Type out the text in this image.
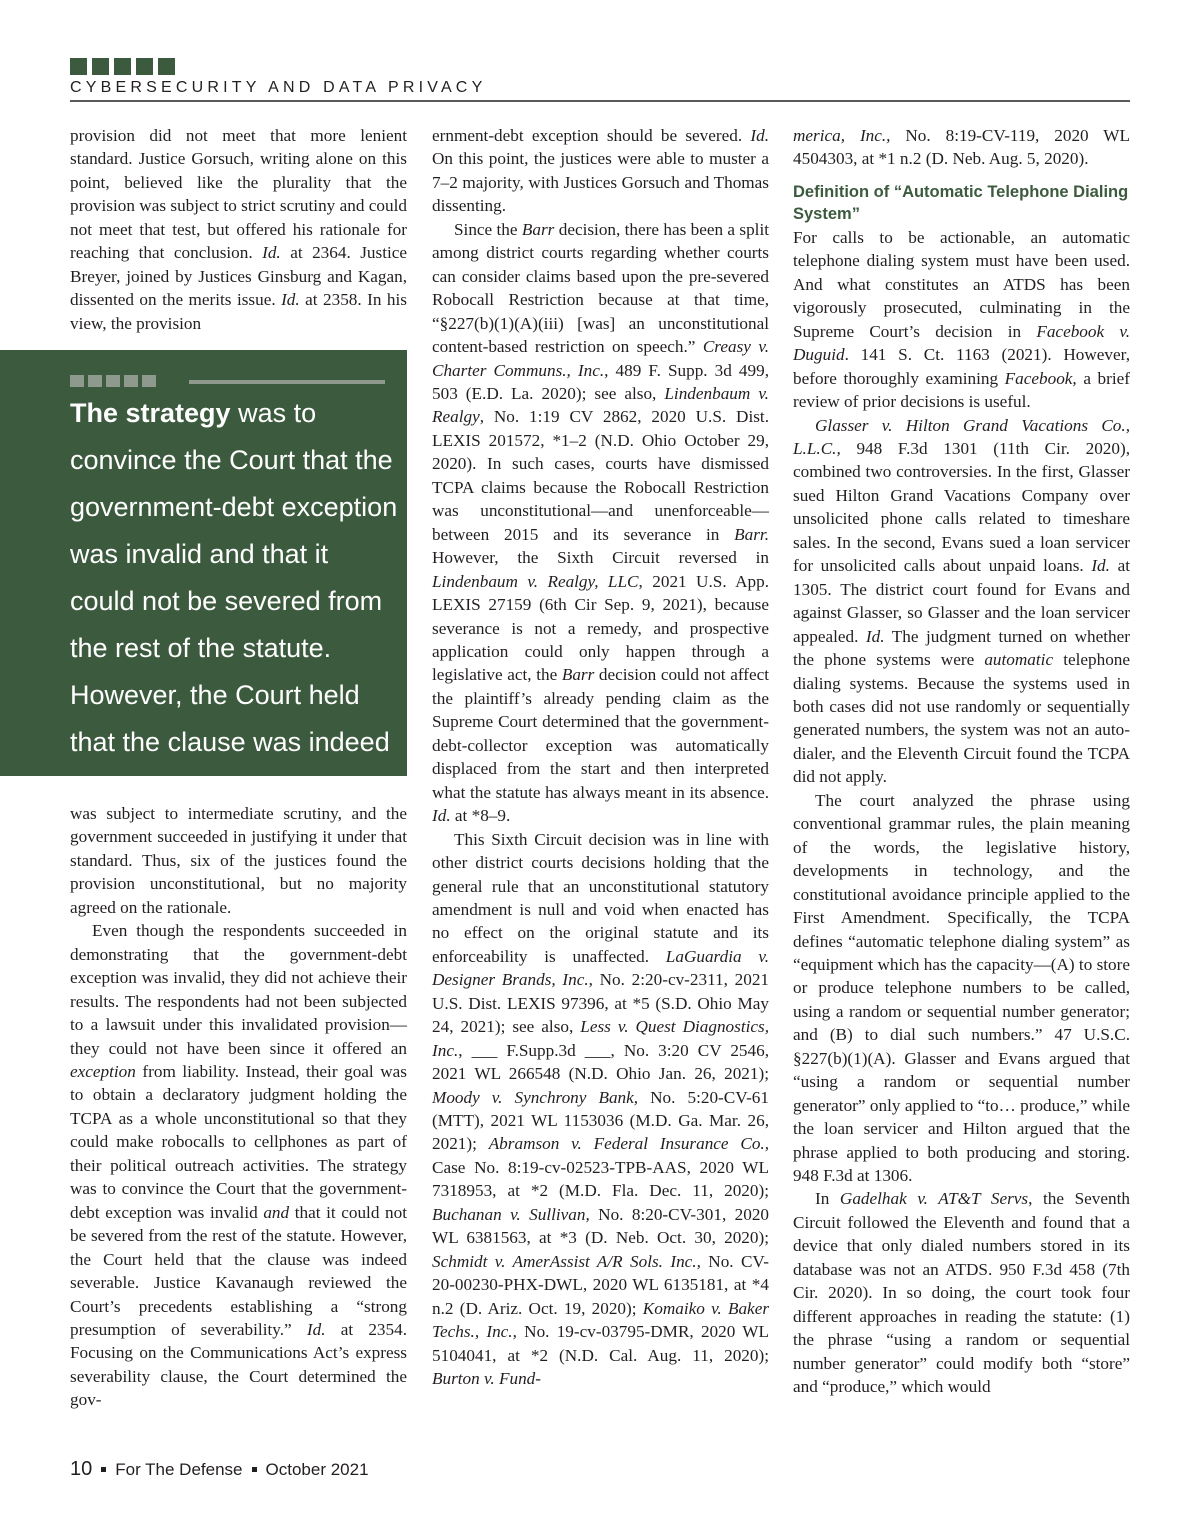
CYBERSECURITY AND DATA PRIVACY

provision did not meet that more lenient standard. Justice Gorsuch, writing alone on this point, believed like the plurality that the provision was subject to strict scrutiny and could not meet that test, but offered his rationale for reaching that conclusion. Id. at 2364. Justice Breyer, joined by Justices Ginsburg and Kagan, dissented on the merits issue. Id. at 2358. In his view, the provision

The strategy was to convince the Court that the government-debt exception was invalid and that it could not be severed from the rest of the statute. However, the Court held that the clause was indeed severable.

was subject to intermediate scrutiny, and the government succeeded in justifying it under that standard. Thus, six of the justices found the provision unconstitutional, but no majority agreed on the rationale.

Even though the respondents succeeded in demonstrating that the government-debt exception was invalid, they did not achieve their results. The respondents had not been subjected to a lawsuit under this invalidated provision—they could not have been since it offered an exception from liability. Instead, their goal was to obtain a declaratory judgment holding the TCPA as a whole unconstitutional so that they could make robocalls to cellphones as part of their political outreach activities. The strategy was to convince the Court that the government-debt exception was invalid and that it could not be severed from the rest of the statute. However, the Court held that the clause was indeed severable. Justice Kavanaugh reviewed the Court’s precedents establishing a “strong presumption of severability.” Id. at 2354. Focusing on the Communications Act’s express severability clause, the Court determined the gov-

ernment-debt exception should be severed. Id. On this point, the justices were able to muster a 7–2 majority, with Justices Gorsuch and Thomas dissenting.

Since the Barr decision, there has been a split among district courts regarding whether courts can consider claims based upon the pre-severed Robocall Restriction because at that time, “§227(b)(1)(A)(iii) [was] an unconstitutional content-based restriction on speech.” Creasy v. Charter Communs., Inc., 489 F. Supp. 3d 499, 503 (E.D. La. 2020); see also, Lindenbaum v. Realgy, No. 1:19 CV 2862, 2020 U.S. Dist. LEXIS 201572, *1–2 (N.D. Ohio October 29, 2020). In such cases, courts have dismissed TCPA claims because the Robocall Restriction was unconstitutional—and unenforceable—between 2015 and its severance in Barr. However, the Sixth Circuit reversed in Lindenbaum v. Realgy, LLC, 2021 U.S. App. LEXIS 27159 (6th Cir Sep. 9, 2021), because severance is not a remedy, and prospective application could only happen through a legislative act, the Barr decision could not affect the plaintiff’s already pending claim as the Supreme Court determined that the government-debt-collector exception was automatically displaced from the start and then interpreted what the statute has always meant in its absence. Id. at *8–9.

This Sixth Circuit decision was in line with other district courts decisions holding that the general rule that an unconstitutional statutory amendment is null and void when enacted has no effect on the original statute and its enforceability is unaffected. LaGuardia v. Designer Brands, Inc., No. 2:20-cv-2311, 2021 U.S. Dist. LEXIS 97396, at *5 (S.D. Ohio May 24, 2021); see also, Less v. Quest Diagnostics, Inc., ___ F.Supp.3d ___, No. 3:20 CV 2546, 2021 WL 266548 (N.D. Ohio Jan. 26, 2021); Moody v. Synchrony Bank, No. 5:20-CV-61 (MTT), 2021 WL 1153036 (M.D. Ga. Mar. 26, 2021); Abramson v. Federal Insurance Co., Case No. 8:19-cv-02523-TPB-AAS, 2020 WL 7318953, at *2 (M.D. Fla. Dec. 11, 2020); Buchanan v. Sullivan, No. 8:20-CV-301, 2020 WL 6381563, at *3 (D. Neb. Oct. 30, 2020); Schmidt v. AmerAssist A/R Sols. Inc., No. CV-20-00230-PHX-DWL, 2020 WL 6135181, at *4 n.2 (D. Ariz. Oct. 19, 2020); Komaiko v. Baker Techs., Inc., No. 19-cv-03795-DMR, 2020 WL 5104041, at *2 (N.D. Cal. Aug. 11, 2020); Burton v. Fund-

merica, Inc., No. 8:19-CV-119, 2020 WL 4504303, at *1 n.2 (D. Neb. Aug. 5, 2020).

Definition of “Automatic Telephone Dialing System”

For calls to be actionable, an automatic telephone dialing system must have been used. And what constitutes an ATDS has been vigorously prosecuted, culminating in the Supreme Court’s decision in Facebook v. Duguid. 141 S. Ct. 1163 (2021). However, before thoroughly examining Facebook, a brief review of prior decisions is useful.

Glasser v. Hilton Grand Vacations Co., L.L.C., 948 F.3d 1301 (11th Cir. 2020), combined two controversies. In the first, Glasser sued Hilton Grand Vacations Company over unsolicited phone calls related to timeshare sales. In the second, Evans sued a loan servicer for unsolicited calls about unpaid loans. Id. at 1305. The district court found for Evans and against Glasser, so Glasser and the loan servicer appealed. Id. The judgment turned on whether the phone systems were automatic telephone dialing systems. Because the systems used in both cases did not use randomly or sequentially generated numbers, the system was not an auto-dialer, and the Eleventh Circuit found the TCPA did not apply.

The court analyzed the phrase using conventional grammar rules, the plain meaning of the words, the legislative history, developments in technology, and the constitutional avoidance principle applied to the First Amendment. Specifically, the TCPA defines “automatic telephone dialing system” as “equipment which has the capacity—(A) to store or produce telephone numbers to be called, using a random or sequential number generator; and (B) to dial such numbers.” 47 U.S.C. §227(b)(1)(A). Glasser and Evans argued that “using a random or sequential number generator” only applied to “to… produce,” while the loan servicer and Hilton argued that the phrase applied to both producing and storing. 948 F.3d at 1306.

In Gadelhak v. AT&T Servs, the Seventh Circuit followed the Eleventh and found that a device that only dialed numbers stored in its database was not an ATDS. 950 F.3d 458 (7th Cir. 2020). In so doing, the court took four different approaches in reading the statute: (1) the phrase “using a random or sequential number generator” could modify both “store” and “produce,” which would

10 For The Defense October 2021
